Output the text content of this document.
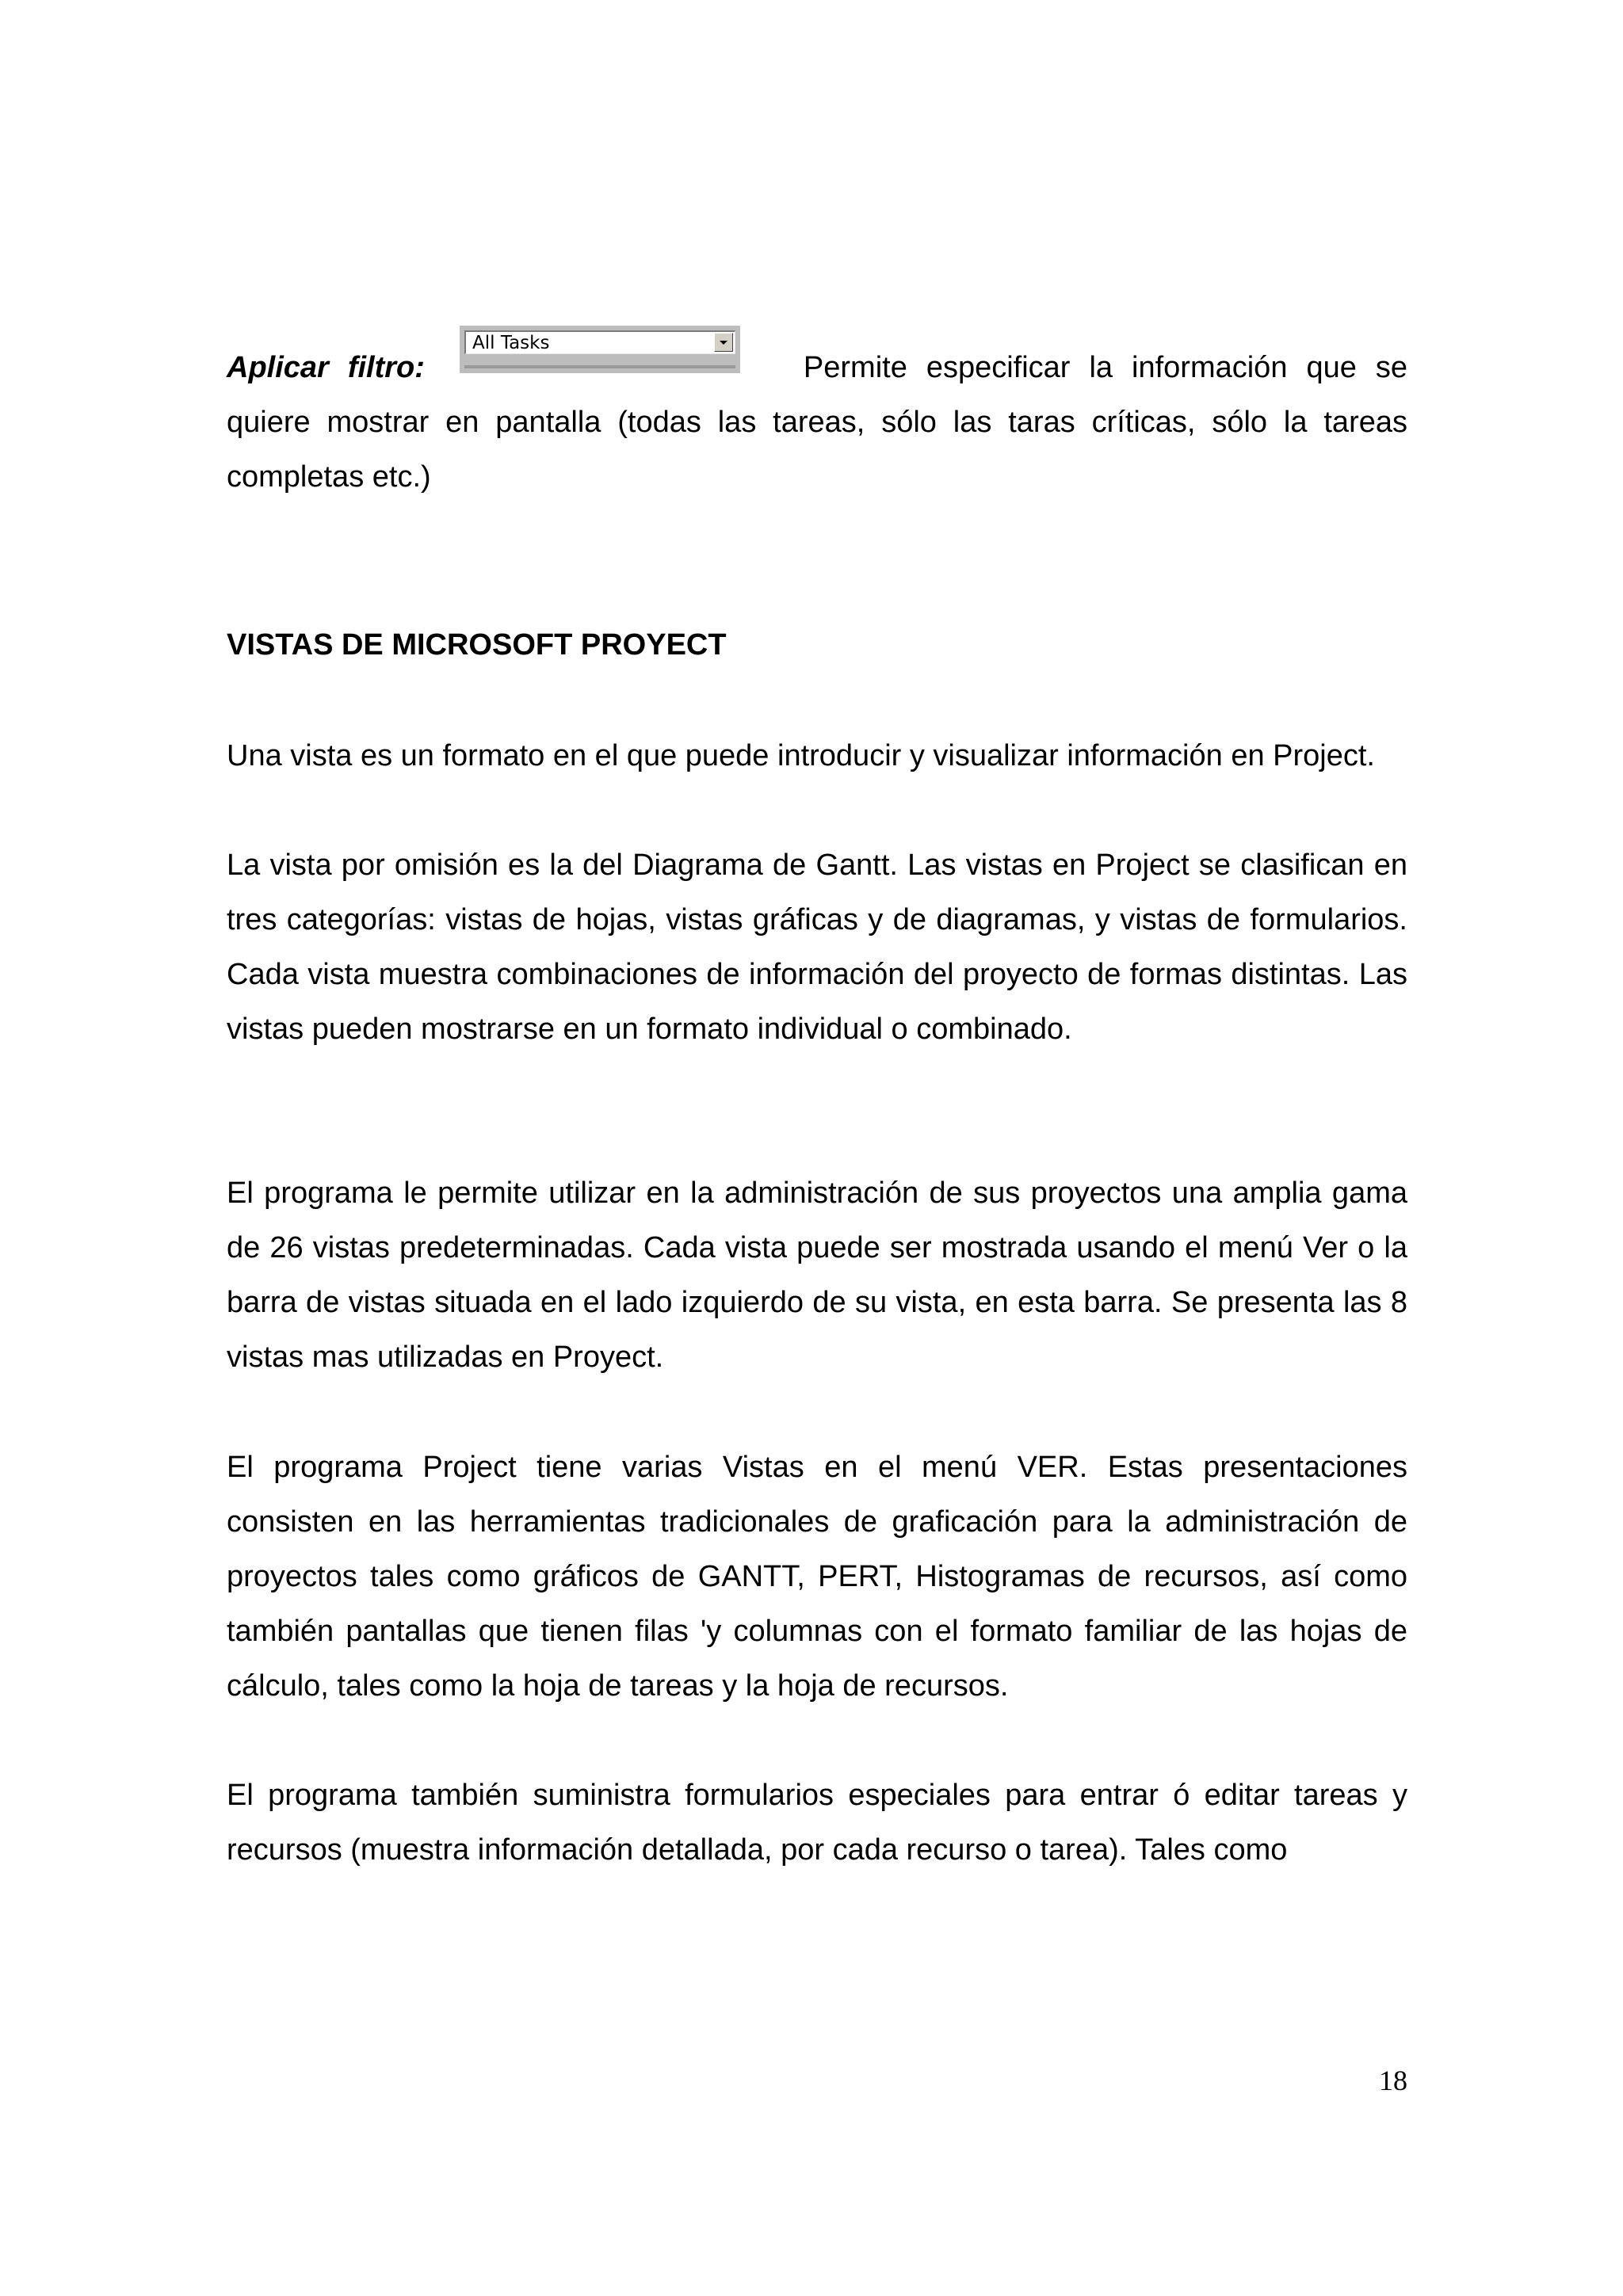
Aplicar filtro:	Permite especificar la información que se

All Tasks

quiere mostrar en pantalla (todas las tareas, sólo las taras críticas, sólo la tareas completas etc.)

VISTAS DE MICROSOFT PROYECT

Una vista es un formato en el que puede introducir y visualizar información en Project.

La vista por omisión es la del Diagrama de Gantt. Las vistas en Project se clasifican en tres categorías: vistas de hojas, vistas gráficas y de diagramas, y vistas de formularios. Cada vista muestra combinaciones de información del proyecto de formas distintas. Las vistas pueden mostrarse en un formato individual o combinado.

El programa le permite utilizar en la administración de sus proyectos una amplia gama de 26 vistas predeterminadas. Cada vista puede ser mostrada usando el menú Ver o la barra de vistas situada en el lado izquierdo de su vista, en esta barra. Se presenta las 8 vistas mas utilizadas en Proyect.

El programa Project tiene varias Vistas en el menú VER. Estas presentaciones consisten en las herramientas tradicionales de graficación para la administración de proyectos tales como gráficos de GANTT, PERT, Histogramas de recursos, así como también pantallas que tienen filas 'y columnas con el formato familiar de las hojas de cálculo, tales como la hoja de tareas y la hoja de recursos.

El programa también suministra formularios especiales para entrar ó editar tareas y recursos (muestra información detallada, por cada recurso o tarea). Tales como

18
